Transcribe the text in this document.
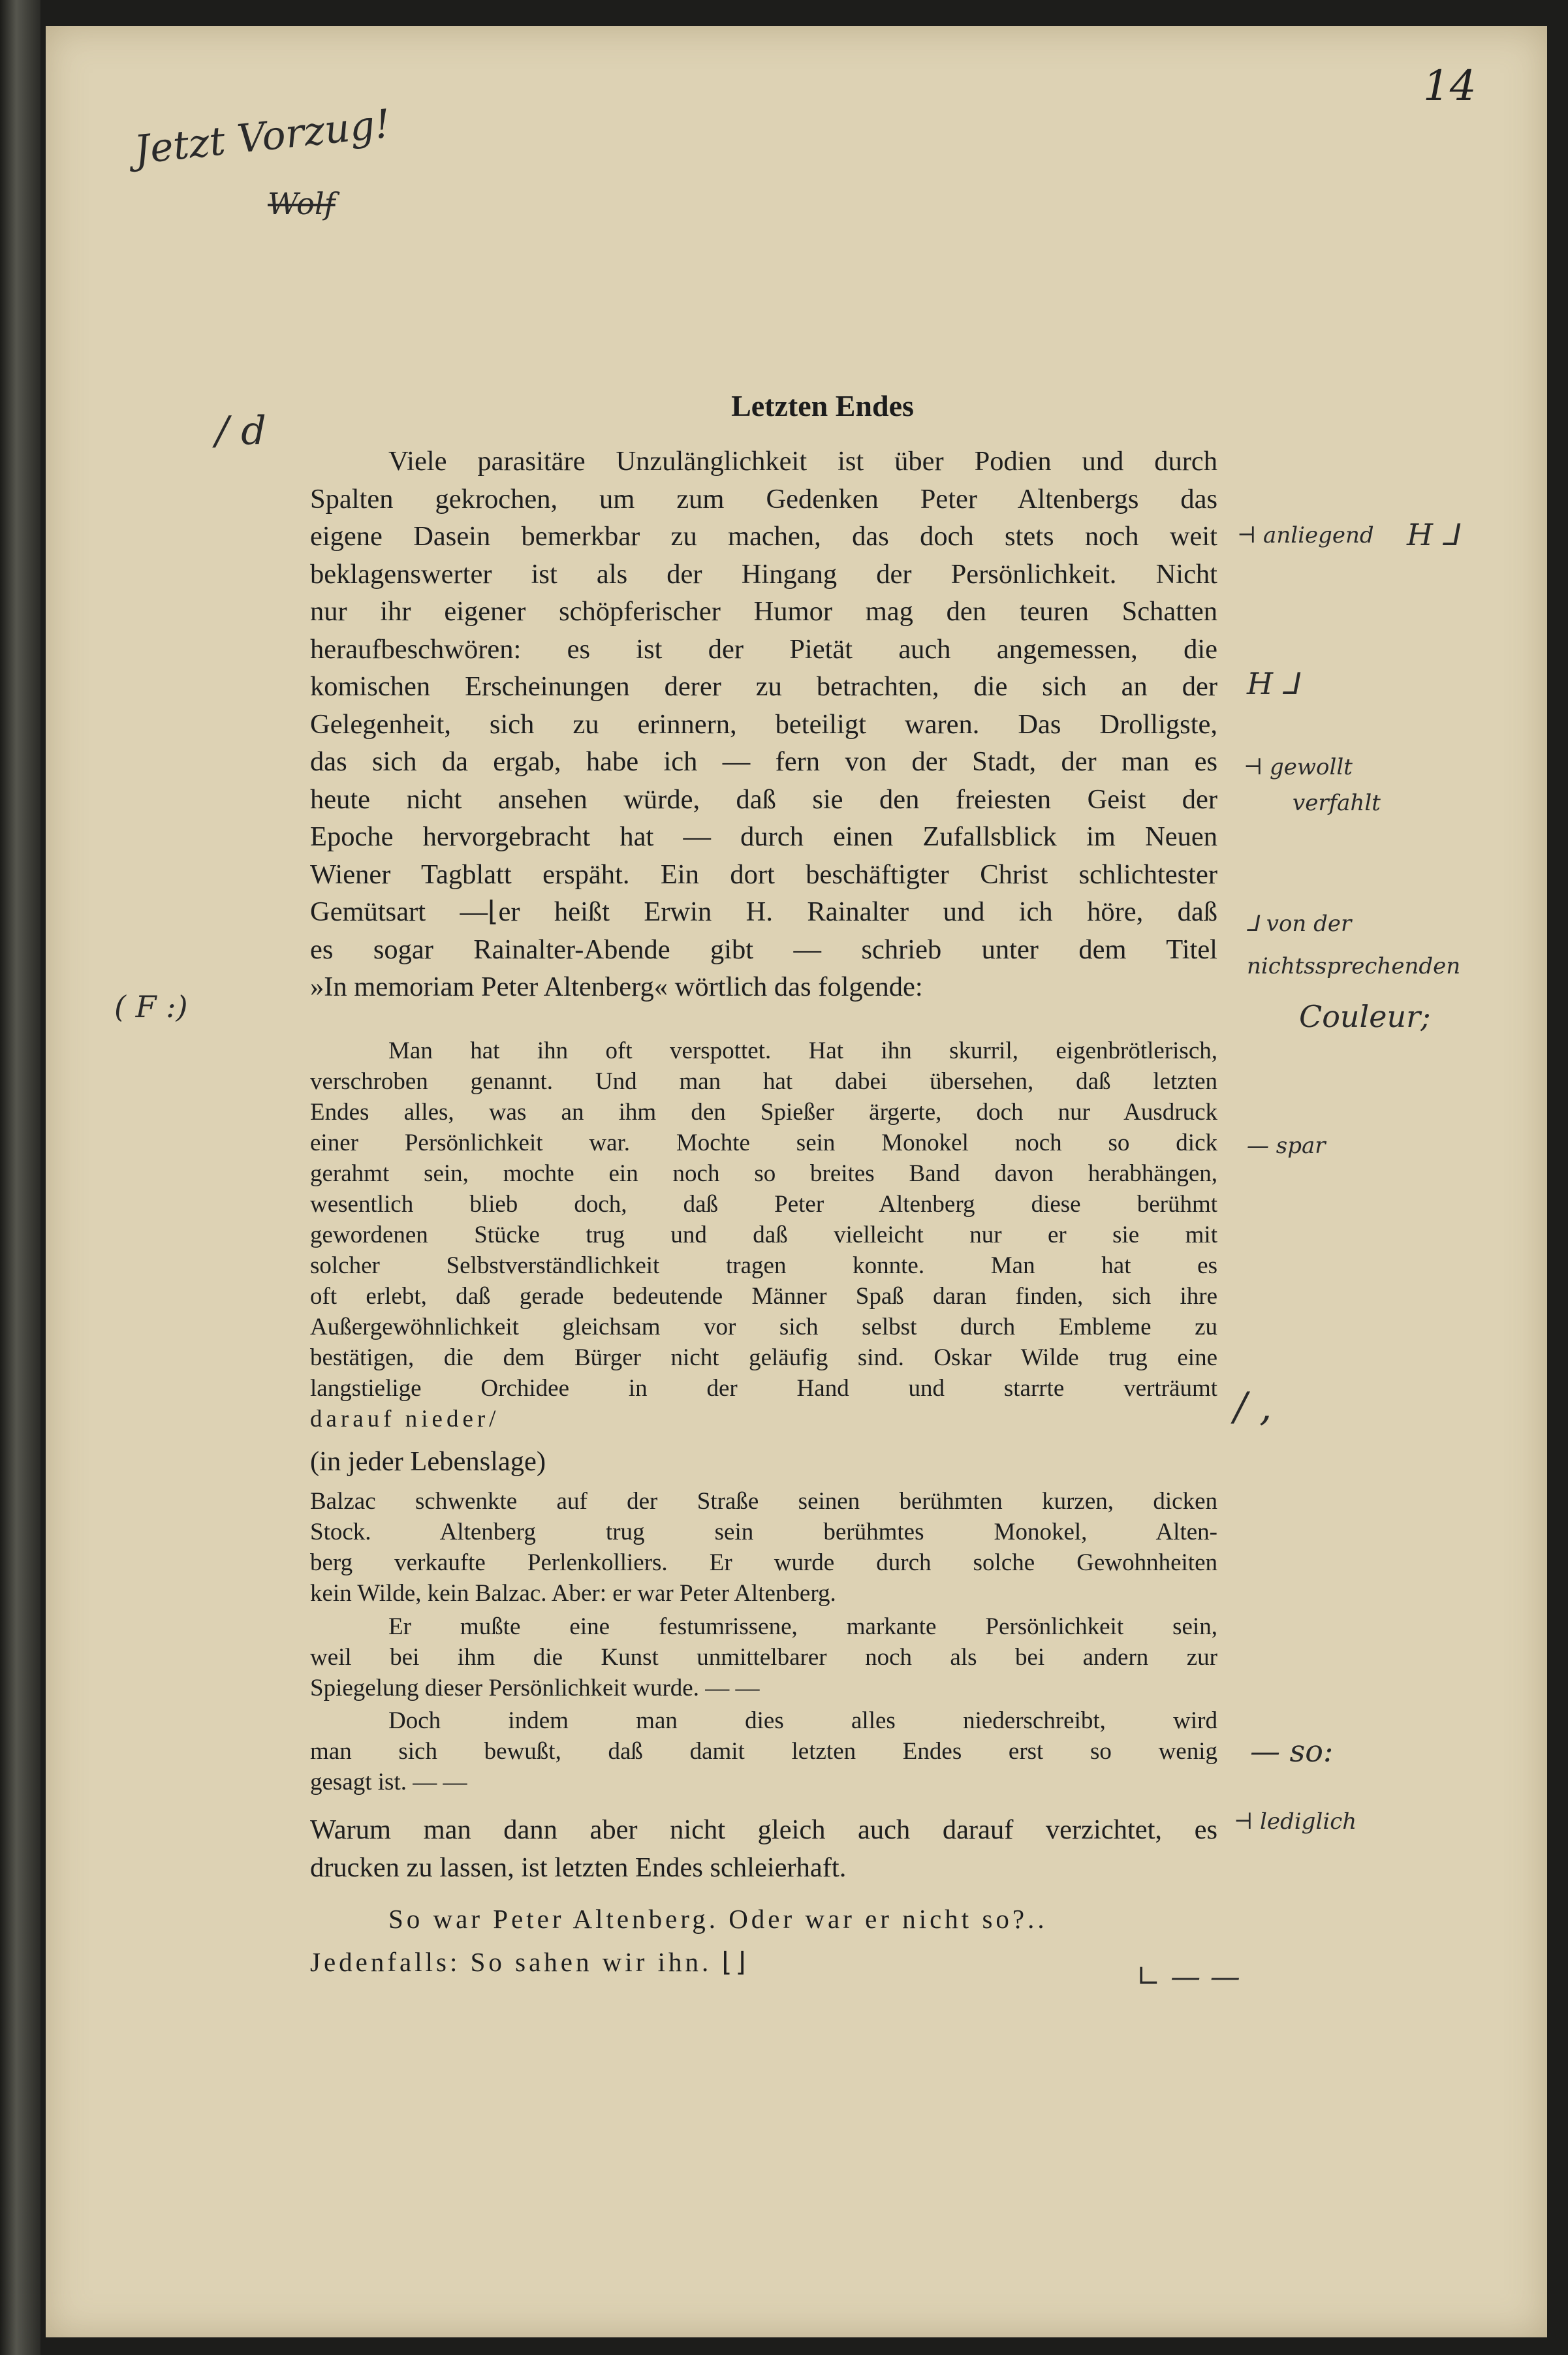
14
Jetzt Vorzug!
Wolf
/ d
( F :)
⊣ anliegend H ⅃
H ⅃
⊣ gewollt
verfahlt
⅃ von der
nichtssprechenden
Couleur;
— spar
/ ,
— so:
⊣ lediglich
∟ — —
Letzten Endes
Viele parasitäre Unzulänglichkeit ist über Podien und durch
Spalten gekrochen, um zum Gedenken Peter Altenbergs das
eigene Dasein bemerkbar zu machen, das doch stets noch weit
beklagenswerter ist als der Hingang der Persönlichkeit. Nicht
nur ihr eigener schöpferischer Humor mag den teuren Schatten
heraufbeschwören: es ist der Pietät auch angemessen, die
komischen Erscheinungen derer zu betrachten, die sich an der
Gelegenheit, sich zu erinnern, beteiligt waren. Das Drolligste,
das sich da ergab, habe ich — fern von der Stadt, der man es
heute nicht ansehen würde, daß sie den freiesten Geist der
Epoche hervorgebracht hat — durch einen Zufallsblick im Neuen
Wiener Tagblatt erspäht. Ein dort beschäftigter Christ schlichtester
Gemütsart —⌊er heißt Erwin H. Rainalter und ich höre, daß
es sogar Rainalter-Abende gibt — schrieb unter dem Titel
»In memoriam Peter Altenberg« wörtlich das folgende:
Man hat ihn oft verspottet. Hat ihn skurril, eigenbrötlerisch,
verschroben genannt. Und man hat dabei übersehen, daß letzten
Endes alles, was an ihm den Spießer ärgerte, doch nur Ausdruck
einer Persönlichkeit war. Mochte sein Monokel noch so dick
gerahmt sein, mochte ein noch so breites Band davon herabhängen,
wesentlich blieb doch, daß Peter Altenberg diese berühmt
gewordenen Stücke trug und daß vielleicht nur er sie mit
solcher Selbstverständlichkeit tragen konnte. Man hat es
oft erlebt, daß gerade bedeutende Männer Spaß daran finden, sich ihre
Außergewöhnlichkeit gleichsam vor sich selbst durch Embleme zu
bestätigen, die dem Bürger nicht geläufig sind. Oskar Wilde trug eine
langstielige Orchidee in der Hand und starrte verträumt
darauf nieder/
(in jeder Lebenslage)
Balzac schwenkte auf der Straße seinen berühmten kurzen, dicken
Stock. Altenberg trug sein berühmtes Monokel, Alten-
berg verkaufte Perlenkolliers. Er wurde durch solche Gewohnheiten
kein Wilde, kein Balzac. Aber: er war Peter Altenberg.
Er mußte eine festumrissene, markante Persönlichkeit sein,
weil bei ihm die Kunst unmittelbarer noch als bei andern zur
Spiegelung dieser Persönlichkeit wurde. — —
Doch indem man dies alles niederschreibt, wird
man sich bewußt, daß damit letzten Endes erst so wenig
gesagt ist. — —
Warum man dann aber nicht gleich auch darauf verzichtet, es
drucken zu lassen, ist letzten Endes schleierhaft.
So war Peter Altenberg. Oder war er nicht so?..
Jedenfalls: So sahen wir ihn. ⌊⌋
